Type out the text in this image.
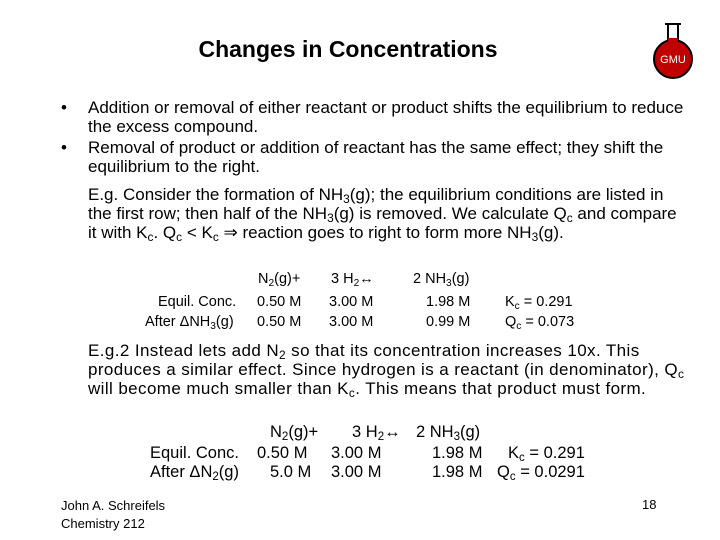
Changes in Concentrations	GMU
• Addition or removal of either reactant or product shifts the equilibrium to reduce the excess compound.
• Removal of product or addition of reactant has the same effect; they shift the equilibrium to the right.
E.g. Consider the formation of $NH_3(g)$; the equilibrium conditions are listed in the first row; then half of the $NH_3(g)$ is removed. We calculate $Q_c$ and compare it with $K_c$. $Q_c < K_c$ ⇒ reaction goes to right to form more $NH_3(g)$.
$N_2(g)+ 3$ $H_2\leftrightarrow$	2 $NH_3(g)$
Equil. Conc. 0.50 M 3.00 M	1.98 M $K_c = 0.291$
After $\Delta NH_3(g)$ 0.50 M 3.00 M	0.99 M $Q_c = 0.073$
E.g.2 Instead lets add $N_2$ so that its concentration increases 10x. This produces a similar effect. Since hydrogen is a reactant (in denominator), $Q_c$ will become much smaller than $K_c$. This means that product must form.
$N_2(g)+ 3$ $H_2\leftrightarrow$ 2 $NH_3(g)$
Equil. Conc. 0.50 M 3.00 M	1.98 M $K_c = 0.291$
After $\Delta N_2(g)$ 5.0 M 3.00 M	1.98 M $Q_c = 0.0291$
John A. Schreifels
Chemistry 212
18
